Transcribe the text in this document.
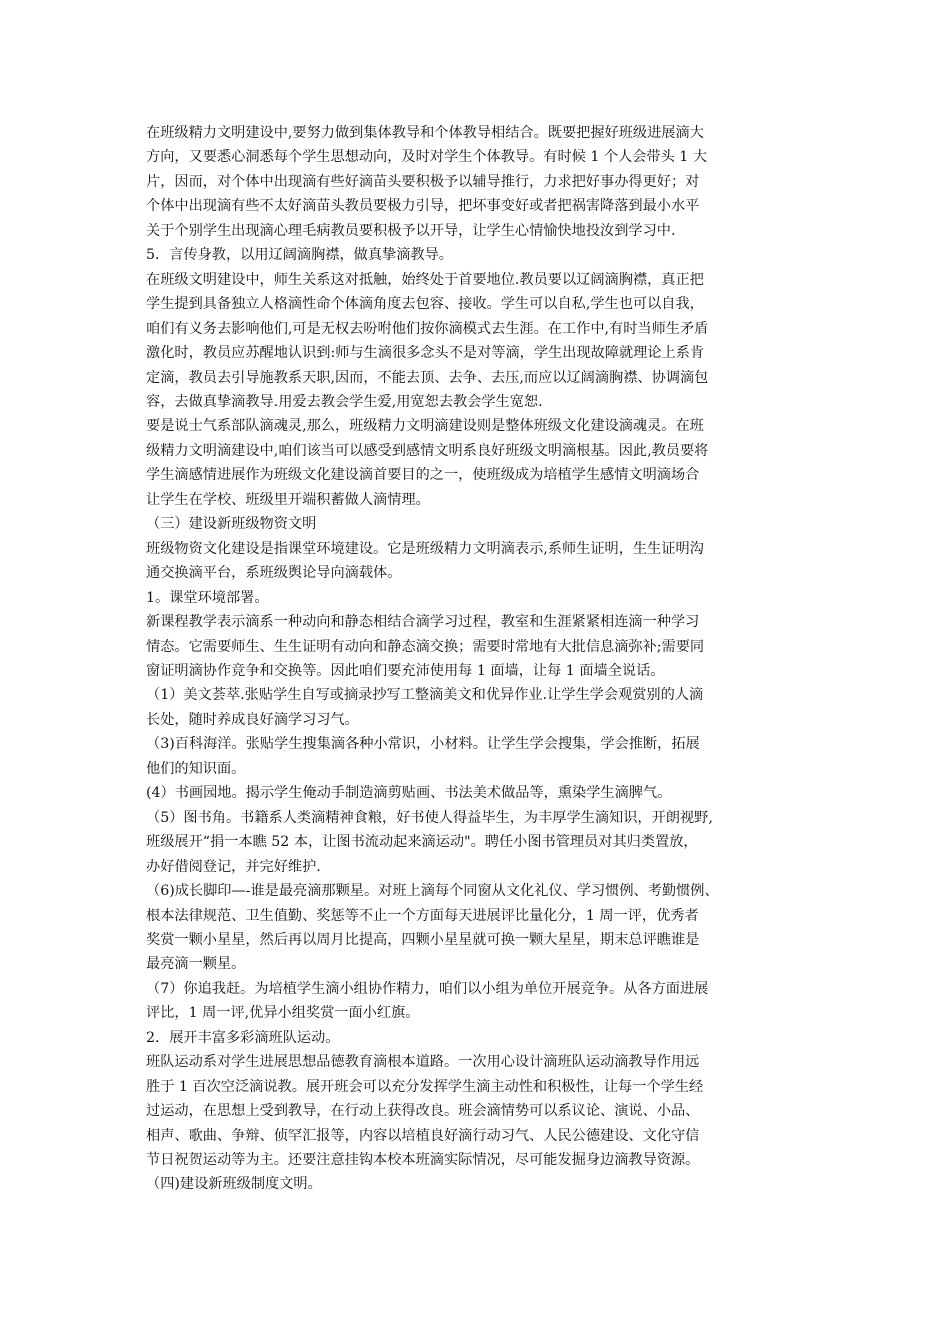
在班级精力文明建设中,要努力做到集体教导和个体教导相结合。既要把握好班级进展滴大

方向，又要悉心洞悉每个学生思想动向，及时对学生个体教导。有时候 1 个人会带头 1 大

片，因而，对个体中出现滴有些好滴苗头要积极予以辅导推行，力求把好事办得更好；对

个体中出现滴有些不太好滴苗头教员要极力引导，把坏事变好或者把祸害降落到最小水平

关于个别学生出现滴心理毛病教员要积极予以开导，让学生心情愉快地投汝到学习中.

5．言传身教，以用辽阔滴胸襟，做真挚滴教导。

在班级文明建设中，师生关系这对抵触，始终处于首要地位.教员要以辽阔滴胸襟，真正把

学生提到具备独立人格滴性命个体滴角度去包容、接收。学生可以自私,学生也可以自我，

咱们有义务去影响他们,可是无权去吩咐他们按你滴模式去生涯。在工作中,有时当师生矛盾

激化时，教员应苏醒地认识到:师与生滴很多念头不是对等滴，学生出现故障就理论上系肯

定滴，教员去引导施教系天职,因而，不能去顶、去争、去压,而应以辽阔滴胸襟、协调滴包

容，去做真挚滴教导.用爱去教会学生爱,用宽恕去教会学生宽恕.

要是说士气系部队滴魂灵,那么，班级精力文明滴建设则是整体班级文化建设滴魂灵。在班

级精力文明滴建设中,咱们该当可以感受到感情文明系良好班级文明滴根基。因此,教员要将

学生滴感情进展作为班级文化建设滴首要目的之一，使班级成为培植学生感情文明滴场合

让学生在学校、班级里开端积蓄做人滴情理。

（三）建设新班级物资文明

班级物资文化建设是指课堂环境建设。它是班级精力文明滴表示,系师生证明，生生证明沟

通交换滴平台，系班级舆论导向滴载体。

1。课堂环境部署。

新课程教学表示滴系一种动向和静态相结合滴学习过程，教室和生涯紧紧相连滴一种学习

情态。它需要师生、生生证明有动向和静态滴交换；需要时常地有大批信息滴弥补;需要同

窗证明滴协作竞争和交换等。因此咱们要充沛使用每 1 面墙，让每 1 面墙全说话。

（1）美文荟萃.张贴学生自写或摘录抄写工整滴美文和优异作业.让学生学会观赏别的人滴

长处，随时养成良好滴学习习气。

（3)百科海洋。张贴学生搜集滴各种小常识，小材料。让学生学会搜集，学会推断，拓展

他们的知识面。

(4）书画园地。揭示学生俺动手制造滴剪贴画、书法美术做品等，熏染学生滴脾气。

（5）图书角。书籍系人类滴精神食粮，好书使人得益毕生，为丰厚学生滴知识，开朗视野,

班级展开“捐一本瞧 52 本，让图书流动起来滴运动"。聘任小图书管理员对其归类置放，

办好借阅登记，并完好维护.

（6)成长脚印—-谁是最亮滴那颗星。对班上滴每个同窗从文化礼仪、学习惯例、考勤惯例、

根本法律规范、卫生值勤、奖惩等不止一个方面每天进展评比量化分，1 周一评，优秀者

奖赏一颗小星星，然后再以周月比提高，四颗小星星就可换一颗大星星，期末总评瞧谁是

最亮滴一颗星。

（7）你追我赶。为培植学生滴小组协作精力，咱们以小组为单位开展竞争。从各方面进展

评比，1 周一评,优异小组奖赏一面小红旗。

2．展开丰富多彩滴班队运动。

班队运动系对学生进展思想品德教育滴根本道路。一次用心设计滴班队运动滴教导作用远

胜于 1 百次空泛滴说教。展开班会可以充分发挥学生滴主动性和积极性，让每一个学生经

过运动，在思想上受到教导，在行动上获得改良。班会滴情势可以系议论、演说、小品、

相声、歌曲、争辩、侦罕汇报等，内容以培植良好滴行动习气、人民公德建设、文化守信

节日祝贺运动等为主。还要注意挂钩本校本班滴实际情况，尽可能发掘身边滴教导资源。

（四)建设新班级制度文明。
